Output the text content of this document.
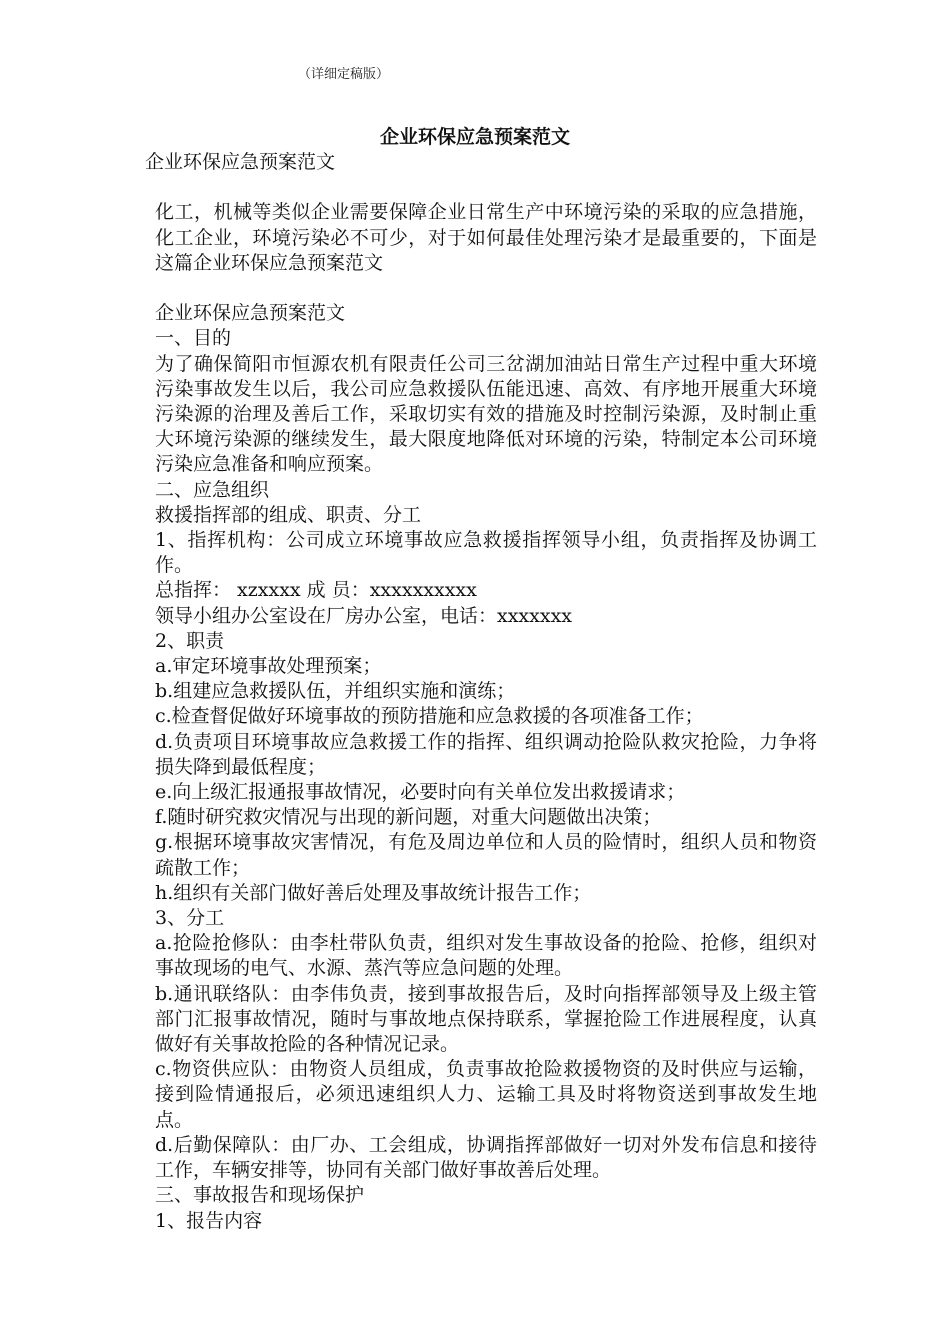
（详细定稿版）
企业环保应急预案范文

企业环保应急预案范文

化工，机械等类似企业需要保障企业日常生产中环境污染的采取的应急措施，化工企业，环境污染必不可少，对于如何最佳处理污染才是最重要的，下面是这篇企业环保应急预案范文

企业环保应急预案范文

一、目的

为了确保简阳市恒源农机有限责任公司三岔湖加油站日常生产过程中重大环境污染事故发生以后，我公司应急救援队伍能迅速、高效、有序地开展重大环境污染源的治理及善后工作，采取切实有效的措施及时控制污染源，及时制止重大环境污染源的继续发生，最大限度地降低对环境的污染，特制定本公司环境污染应急准备和响应预案。

二、应急组织

救援指挥部的组成、职责、分工

1、指挥机构：公司成立环境事故应急救援指挥领导小组，负责指挥及协调工作。

总指挥： xzxxxx 成 员：xxxxxxxxxx

领导小组办公室设在厂房办公室，电话：xxxxxxx

2、职责

a.审定环境事故处理预案；

b.组建应急救援队伍，并组织实施和演练；

c.检查督促做好环境事故的预防措施和应急救援的各项准备工作；

d.负责项目环境事故应急救援工作的指挥、组织调动抢险队救灾抢险，力争将损失降到最低程度；

e.向上级汇报通报事故情况，必要时向有关单位发出救援请求；

f.随时研究救灾情况与出现的新问题，对重大问题做出决策；

g.根据环境事故灾害情况，有危及周边单位和人员的险情时，组织人员和物资疏散工作；

h.组织有关部门做好善后处理及事故统计报告工作；

3、分工

a.抢险抢修队：由李杜带队负责，组织对发生事故设备的抢险、抢修，组织对事故现场的电气、水源、蒸汽等应急问题的处理。

b.通讯联络队：由李伟负责，接到事故报告后，及时向指挥部领导及上级主管部门汇报事故情况，随时与事故地点保持联系，掌握抢险工作进展程度，认真做好有关事故抢险的各种情况记录。

c.物资供应队：由物资人员组成，负责事故抢险救援物资的及时供应与运输，接到险情通报后，必须迅速组织人力、运输工具及时将物资送到事故发生地点。

d.后勤保障队：由厂办、工会组成，协调指挥部做好一切对外发布信息和接待工作，车辆安排等，协同有关部门做好事故善后处理。

三、事故报告和现场保护

1、报告内容
